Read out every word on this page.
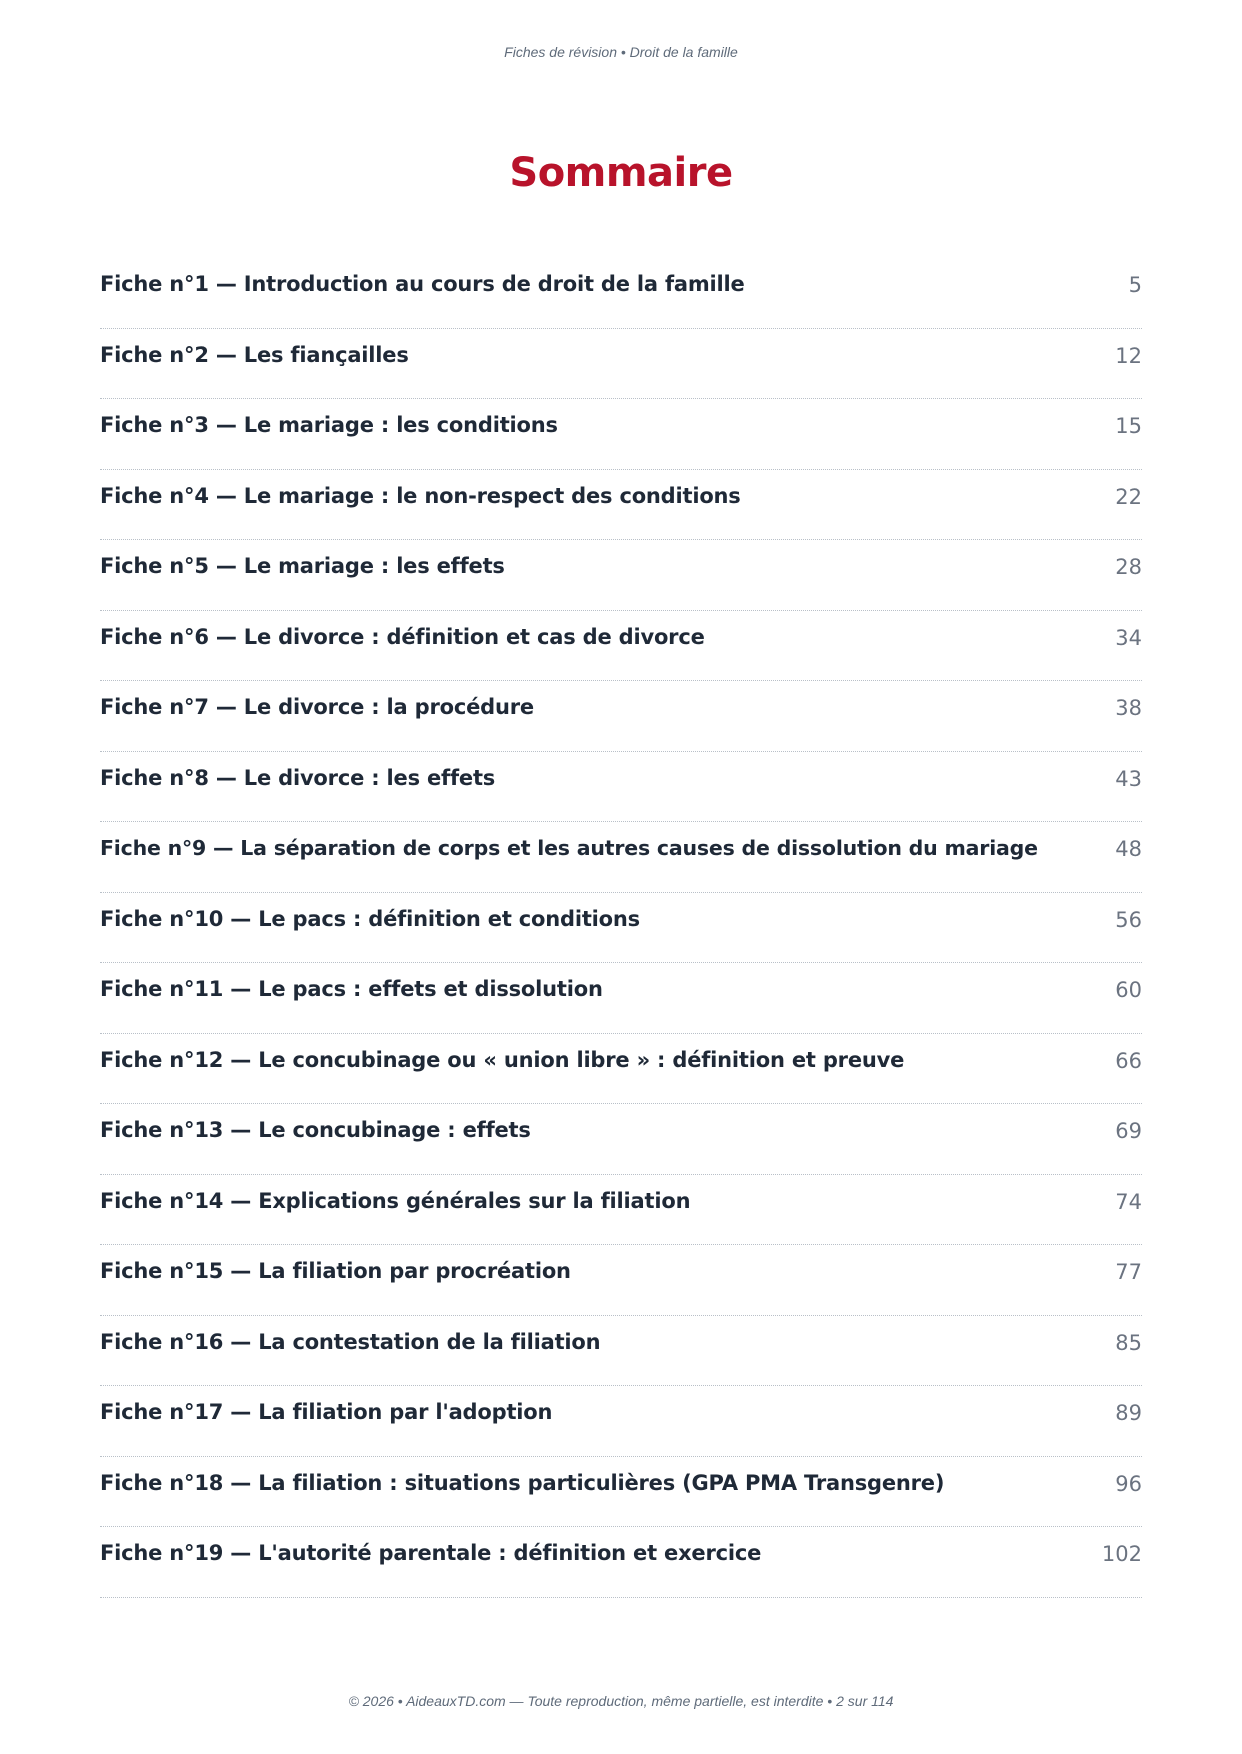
Fiches de révision • Droit de la famille
Sommaire
Fiche n°1 — Introduction au cours de droit de la famille	5
Fiche n°2 — Les fiançailles	12
Fiche n°3 — Le mariage : les conditions	15
Fiche n°4 — Le mariage : le non-respect des conditions	22
Fiche n°5 — Le mariage : les effets	28
Fiche n°6 — Le divorce : définition et cas de divorce	34
Fiche n°7 — Le divorce : la procédure	38
Fiche n°8 — Le divorce : les effets	43
Fiche n°9 — La séparation de corps et les autres causes de dissolution du mariage	48
Fiche n°10 — Le pacs : définition et conditions	56
Fiche n°11 — Le pacs : effets et dissolution	60
Fiche n°12 — Le concubinage ou « union libre » : définition et preuve	66
Fiche n°13 — Le concubinage : effets	69
Fiche n°14 — Explications générales sur la filiation	74
Fiche n°15 — La filiation par procréation	77
Fiche n°16 — La contestation de la filiation	85
Fiche n°17 — La filiation par l'adoption	89
Fiche n°18 — La filiation : situations particulières (GPA PMA Transgenre)	96
Fiche n°19 — L'autorité parentale : définition et exercice	102
© 2026 • AideauxTD.com — Toute reproduction, même partielle, est interdite • 2 sur 114
